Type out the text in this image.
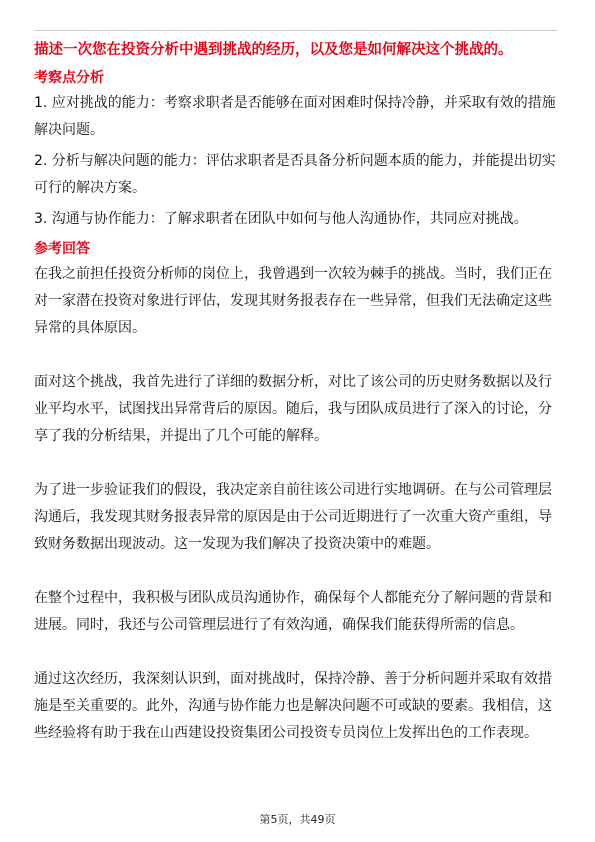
描述一次您在投资分析中遇到挑战的经历，以及您是如何解决这个挑战的。

考察点分析

1. 应对挑战的能力：考察求职者是否能够在面对困难时保持冷静，并采取有效的措施解决问题。

2. 分析与解决问题的能力：评估求职者是否具备分析问题本质的能力，并能提出切实可行的解决方案。

3. 沟通与协作能力：了解求职者在团队中如何与他人沟通协作，共同应对挑战。

参考回答

在我之前担任投资分析师的岗位上，我曾遇到一次较为棘手的挑战。当时，我们正在对一家潜在投资对象进行评估，发现其财务报表存在一些异常，但我们无法确定这些异常的具体原因。

面对这个挑战，我首先进行了详细的数据分析，对比了该公司的历史财务数据以及行业平均水平，试图找出异常背后的原因。随后，我与团队成员进行了深入的讨论，分享了我的分析结果，并提出了几个可能的解释。

为了进一步验证我们的假设，我决定亲自前往该公司进行实地调研。在与公司管理层沟通后，我发现其财务报表异常的原因是由于公司近期进行了一次重大资产重组，导致财务数据出现波动。这一发现为我们解决了投资决策中的难题。

在整个过程中，我积极与团队成员沟通协作，确保每个人都能充分了解问题的背景和进展。同时，我还与公司管理层进行了有效沟通，确保我们能获得所需的信息。

通过这次经历，我深刻认识到，面对挑战时，保持冷静、善于分析问题并采取有效措施是至关重要的。此外，沟通与协作能力也是解决问题不可或缺的要素。我相信，这些经验将有助于我在山西建设投资集团公司投资专员岗位上发挥出色的工作表现。

第5页，共49页
